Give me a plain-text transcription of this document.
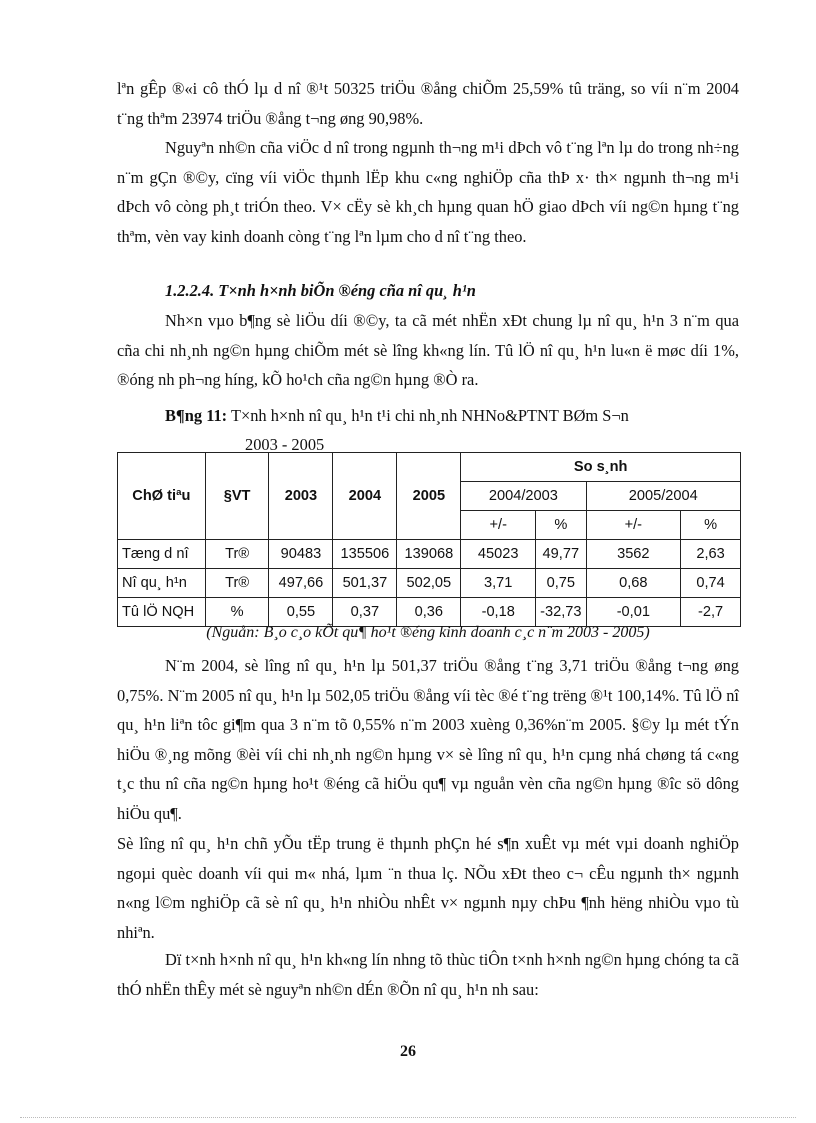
lªn gÊp ®«i cô thÓ lµ d nî ®¹t 50325 triÖu ®ång chiÕm 25,59% tû träng, so víi n¨m 2004 t¨ng thªm 23974 triÖu ®ång t¬ng øng 90,98%.

Nguyªn nh©n cña viÖc d nî trong ngµnh th¬ng m¹i dÞch vô t¨ng lªn lµ do trong nh÷ng n¨m gÇn ®©y, cïng víi viÖc thµnh lËp khu c«ng nghiÖp cña thÞ x· th× ngµnh th¬ng m¹i dÞch vô còng ph¸t triÓn theo. V× cËy sè kh¸ch hµng quan hÖ giao dÞch víi ng©n hµng t¨ng thªm, vèn vay kinh doanh còng t¨ng lªn lµm cho d nî t¨ng theo.

1.2.2.4. T×nh h×nh biÕn ®éng cña nî qu¸ h¹n

Nh×n vµo b¶ng sè liÖu díi ®©y, ta cã mét nhËn xÐt chung lµ nî qu¸ h¹n 3 n¨m qua cña chi nh¸nh ng©n hµng chiÕm mét sè lîng kh«ng lín. Tû lÖ nî qu¸ h¹n lu«n ë møc díi 1%, ®óng nh ph¬ng híng, kÕ ho¹ch cña ng©n hµng ®Ò ra.

B¶ng 11: T×nh h×nh nî qu¸ h¹n t¹i chi nh¸nh NHNo&PTNT BØm S¬n
2003 - 2005
ChØ tiªu	§VT	2003	2004	2005	So s¸nh			
					2004/2003		2005/2004	
					+/-	%	+/-	%
Tæng d nî	Tr®	90483	135506	139068	45023	49,77	3562	2,63
Nî qu¸ h¹n	Tr®	497,66	501,37	502,05	3,71	0,75	0,68	0,74
Tû lÖ NQH	%	0,55	0,37	0,36	-0,18	-32,73	-0,01	-2,7
(Nguån: B¸o c¸o kÕt qu¶ ho¹t ®éng kinh doanh c¸c n¨m 2003 - 2005)

N¨m 2004, sè lîng nî qu¸ h¹n lµ 501,37 triÖu ®ång t¨ng 3,71 triÖu ®ång t¬ng øng 0,75%. N¨m 2005 nî qu¸ h¹n lµ 502,05 triÖu ®ång víi tèc ®é t¨ng trëng ®¹t 100,14%. Tû lÖ nî qu¸ h¹n liªn tôc gi¶m qua 3 n¨m tõ 0,55% n¨m 2003 xuèng 0,36%n¨m 2005. §©y lµ mét tÝn hiÖu ®¸ng mõng ®èi víi chi nh¸nh ng©n hµng v× sè lîng nî qu¸ h¹n cµng nhá chøng tá c«ng t¸c thu nî cña ng©n hµng ho¹t ®éng cã hiÖu qu¶ vµ nguån vèn cña ng©n hµng ®îc sö dông hiÖu qu¶.

Sè lîng nî qu¸ h¹n chñ yÕu tËp trung ë thµnh phÇn hé s¶n xuÊt vµ mét vµi doanh nghiÖp ngoµi quèc doanh víi qui m« nhá, lµm ¨n thua lç. NÕu xÐt theo c¬ cÊu ngµnh th× ngµnh n«ng l©m nghiÖp cã sè nî qu¸ h¹n nhiÒu nhÊt v× ngµnh nµy chÞu ¶nh hëng nhiÒu vµo tù nhiªn.

Dï t×nh h×nh nî qu¸ h¹n kh«ng lín nhng tõ thùc tiÔn t×nh h×nh ng©n hµng chóng ta cã thÓ nhËn thÊy mét sè nguyªn nh©n dÉn ®Õn nî qu¸ h¹n nh sau:

26
